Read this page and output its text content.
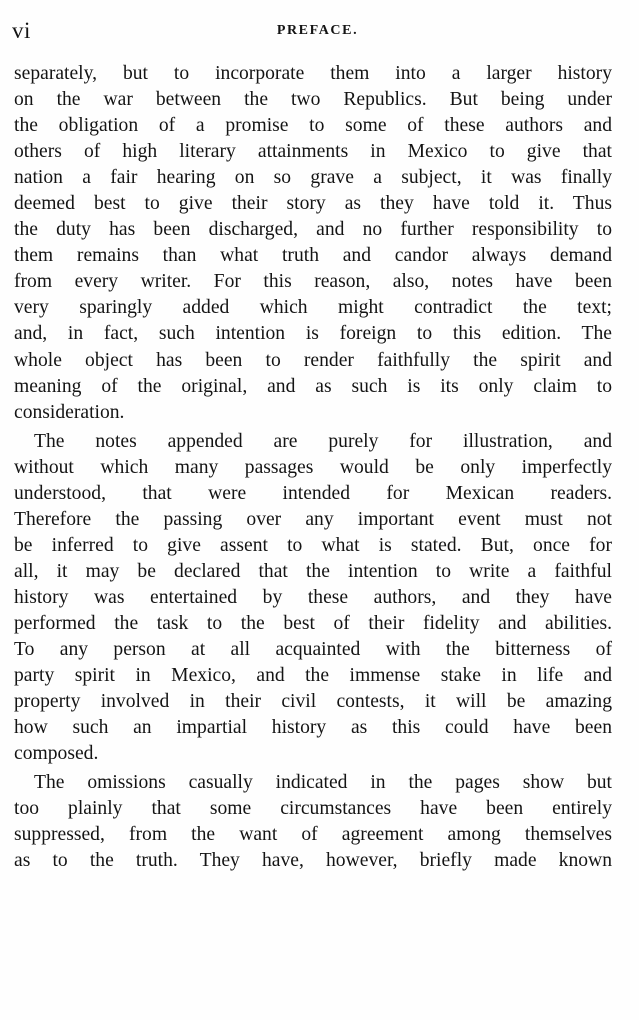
vi	PREFACE.

separately, but to incorporate them into a larger history
on the war between the two Republics. But being under
the obligation of a promise to some of these authors and
others of high literary attainments in Mexico to give that
nation a fair hearing on so grave a subject, it was finally
deemed best to give their story as they have told it. Thus
the duty has been discharged, and no further responsibility to
them remains than what truth and candor always demand
from every writer. For this reason, also, notes have been
very sparingly added which might contradict the text;
and, in fact, such intention is foreign to this edition. The
whole object has been to render faithfully the spirit and
meaning of the original, and as such is its only claim to
consideration.

The notes appended are purely for illustration, and
without which many passages would be only imperfectly
understood, that were intended for Mexican readers.
Therefore the passing over any important event must not
be inferred to give assent to what is stated. But, once for
all, it may be declared that the intention to write a faithful
history was entertained by these authors, and they have
performed the task to the best of their fidelity and abilities.
To any person at all acquainted with the bitterness of
party spirit in Mexico, and the immense stake in life and
property involved in their civil contests, it will be amazing
how such an impartial history as this could have been
composed.

The omissions casually indicated in the pages show but
too plainly that some circumstances have been entirely
suppressed, from the want of agreement among themselves
as to the truth. They have, however, briefly made known
